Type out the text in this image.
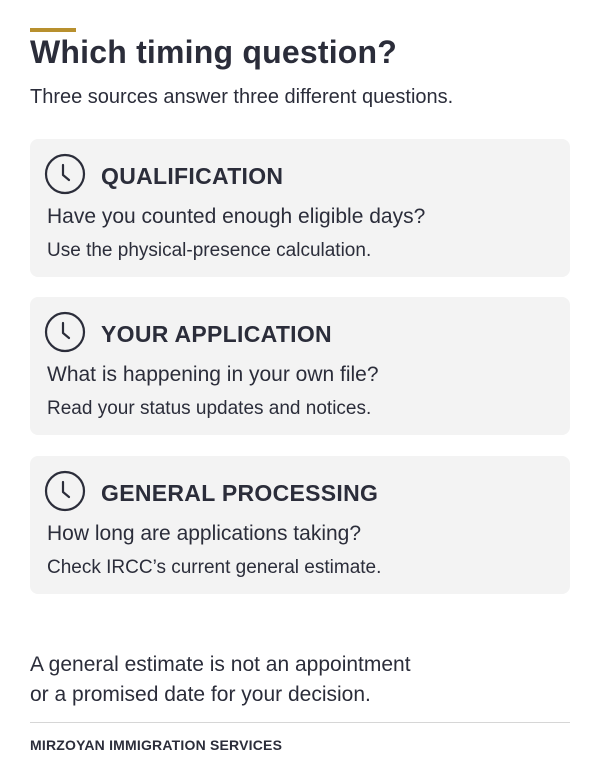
Which timing question?

Three sources answer three different questions.

QUALIFICATION
Have you counted enough eligible days?
Use the physical-presence calculation.
YOUR APPLICATION
What is happening in your own file?
Read your status updates and notices.
GENERAL PROCESSING
How long are applications taking?
Check IRCC’s current general estimate.

A general estimate is not an appointment
or a promised date for your decision.

MIRZOYAN IMMIGRATION SERVICES
